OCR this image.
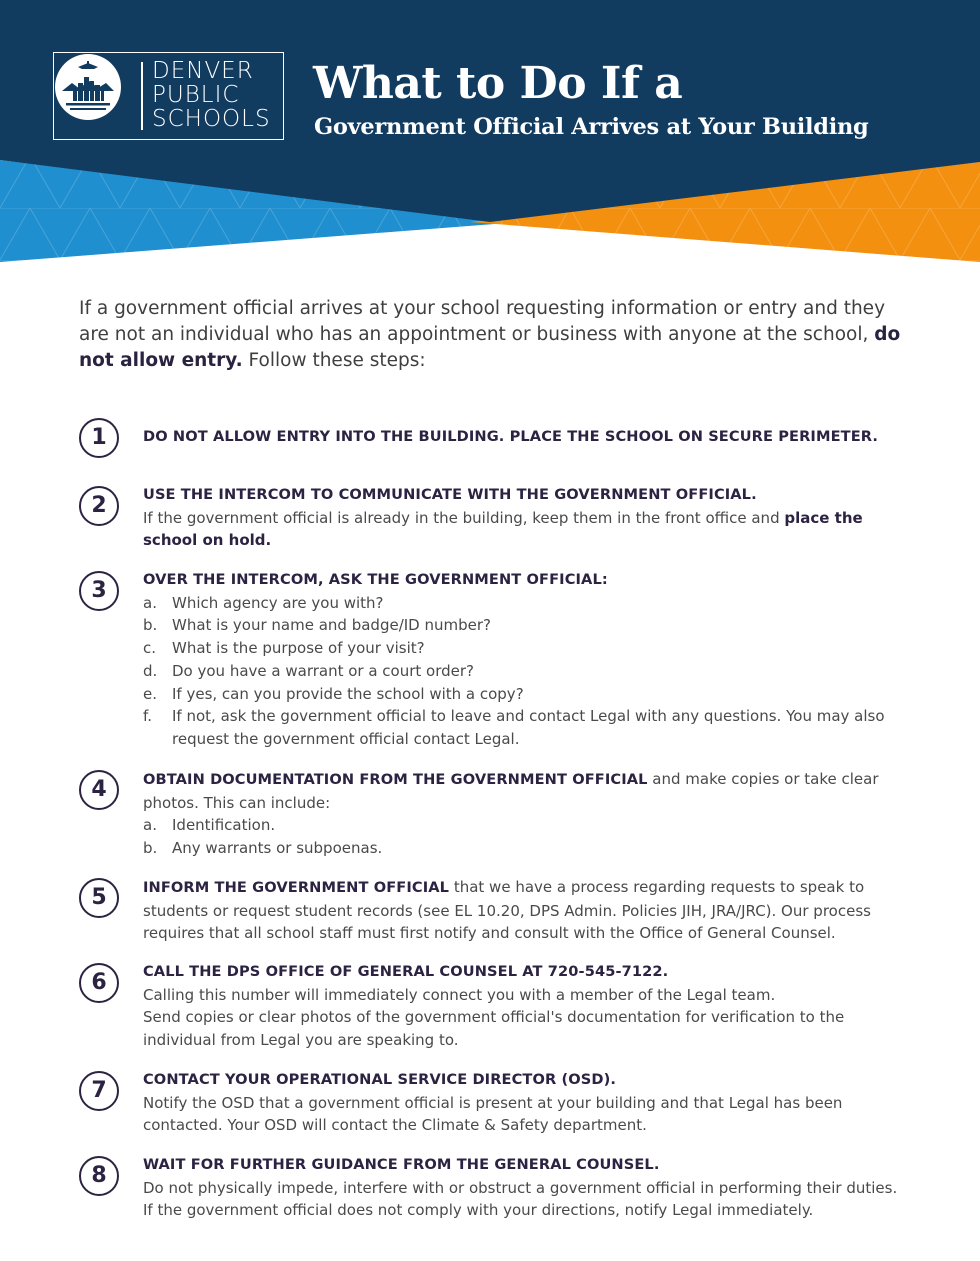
DENVER
PUBLIC
SCHOOLS
What to Do If a
Government Official Arrives at Your Building
If a government official arrives at your school requesting information or entry and they are not an individual who has an appointment or business with anyone at the school, do not allow entry. Follow these steps:
1	DO NOT ALLOW ENTRY INTO THE BUILDING. PLACE THE SCHOOL ON SECURE PERIMETER.
2	USE THE INTERCOM TO COMMUNICATE WITH THE GOVERNMENT OFFICIAL.
If the government official is already in the building, keep them in the front office and place the school on hold.
3	OVER THE INTERCOM, ASK THE GOVERNMENT OFFICIAL:
a. Which agency are you with?
b. What is your name and badge/ID number?
c. What is the purpose of your visit?
d. Do you have a warrant or a court order?
e. If yes, can you provide the school with a copy?
f. If not, ask the government official to leave and contact Legal with any questions. You may also request the government official contact Legal.
4	OBTAIN DOCUMENTATION FROM THE GOVERNMENT OFFICIAL and make copies or take clear photos. This can include:
a. Identification.
b. Any warrants or subpoenas.
5	INFORM THE GOVERNMENT OFFICIAL that we have a process regarding requests to speak to students or request student records (see EL 10.20, DPS Admin. Policies JIH, JRA/JRC). Our process requires that all school staff must first notify and consult with the Office of General Counsel.
6	CALL THE DPS OFFICE OF GENERAL COUNSEL AT 720-545-7122.
Calling this number will immediately connect you with a member of the Legal team.
Send copies or clear photos of the government official's documentation for verification to the individual from Legal you are speaking to.
7	CONTACT YOUR OPERATIONAL SERVICE DIRECTOR (OSD).
Notify the OSD that a government official is present at your building and that Legal has been contacted. Your OSD will contact the Climate & Safety department.
8	WAIT FOR FURTHER GUIDANCE FROM THE GENERAL COUNSEL.
Do not physically impede, interfere with or obstruct a government official in performing their duties. If the government official does not comply with your directions, notify Legal immediately.
